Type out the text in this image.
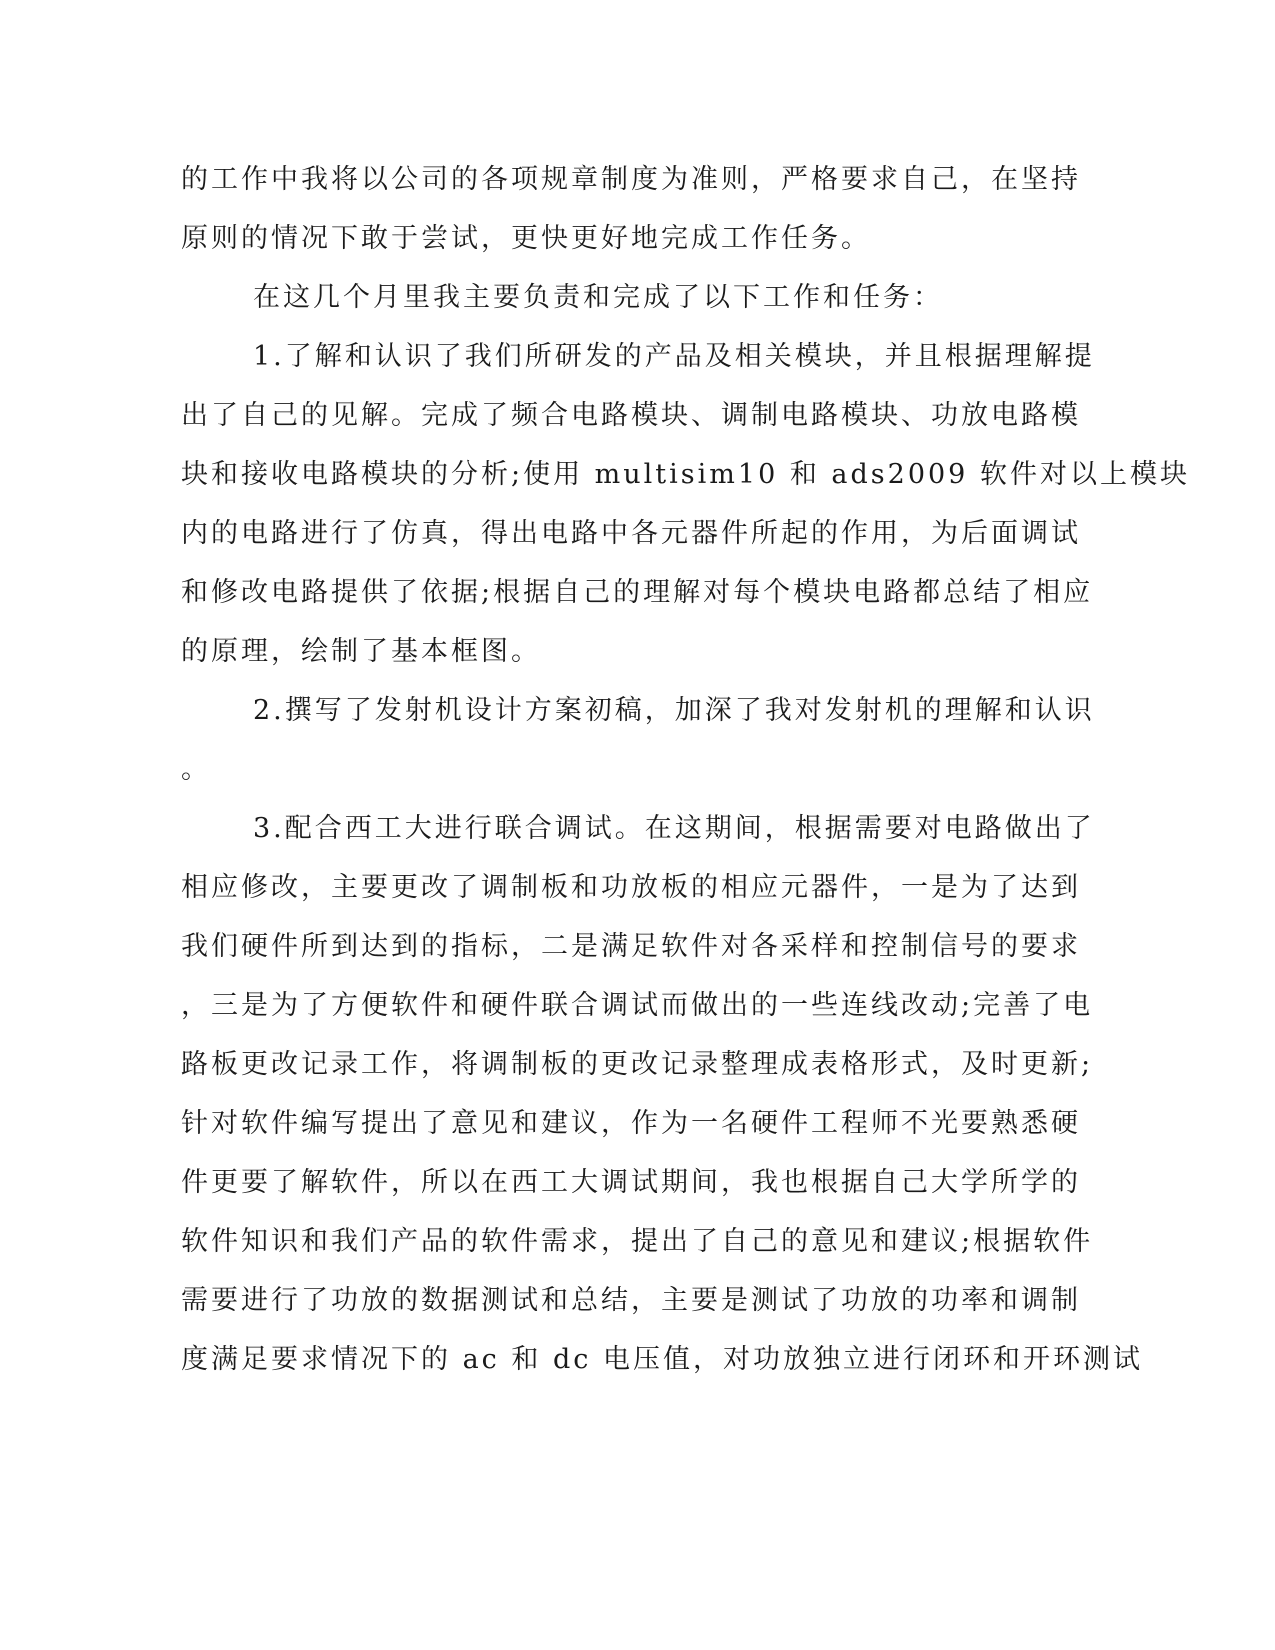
的工作中我将以公司的各项规章制度为准则，严格要求自己，在坚持
原则的情况下敢于尝试，更快更好地完成工作任务。
在这几个月里我主要负责和完成了以下工作和任务：
1.了解和认识了我们所研发的产品及相关模块，并且根据理解提
出了自己的见解。完成了频合电路模块、调制电路模块、功放电路模
块和接收电路模块的分析;使用 multisim10 和 ads2009 软件对以上模块
内的电路进行了仿真，得出电路中各元器件所起的作用，为后面调试
和修改电路提供了依据;根据自己的理解对每个模块电路都总结了相应
的原理，绘制了基本框图。
2.撰写了发射机设计方案初稿，加深了我对发射机的理解和认识
。
3.配合西工大进行联合调试。在这期间，根据需要对电路做出了
相应修改，主要更改了调制板和功放板的相应元器件，一是为了达到
我们硬件所到达到的指标，二是满足软件对各采样和控制信号的要求
，三是为了方便软件和硬件联合调试而做出的一些连线改动;完善了电
路板更改记录工作，将调制板的更改记录整理成表格形式，及时更新;
针对软件编写提出了意见和建议，作为一名硬件工程师不光要熟悉硬
件更要了解软件，所以在西工大调试期间，我也根据自己大学所学的
软件知识和我们产品的软件需求，提出了自己的意见和建议;根据软件
需要进行了功放的数据测试和总结，主要是测试了功放的功率和调制
度满足要求情况下的 ac 和 dc 电压值，对功放独立进行闭环和开环测试
